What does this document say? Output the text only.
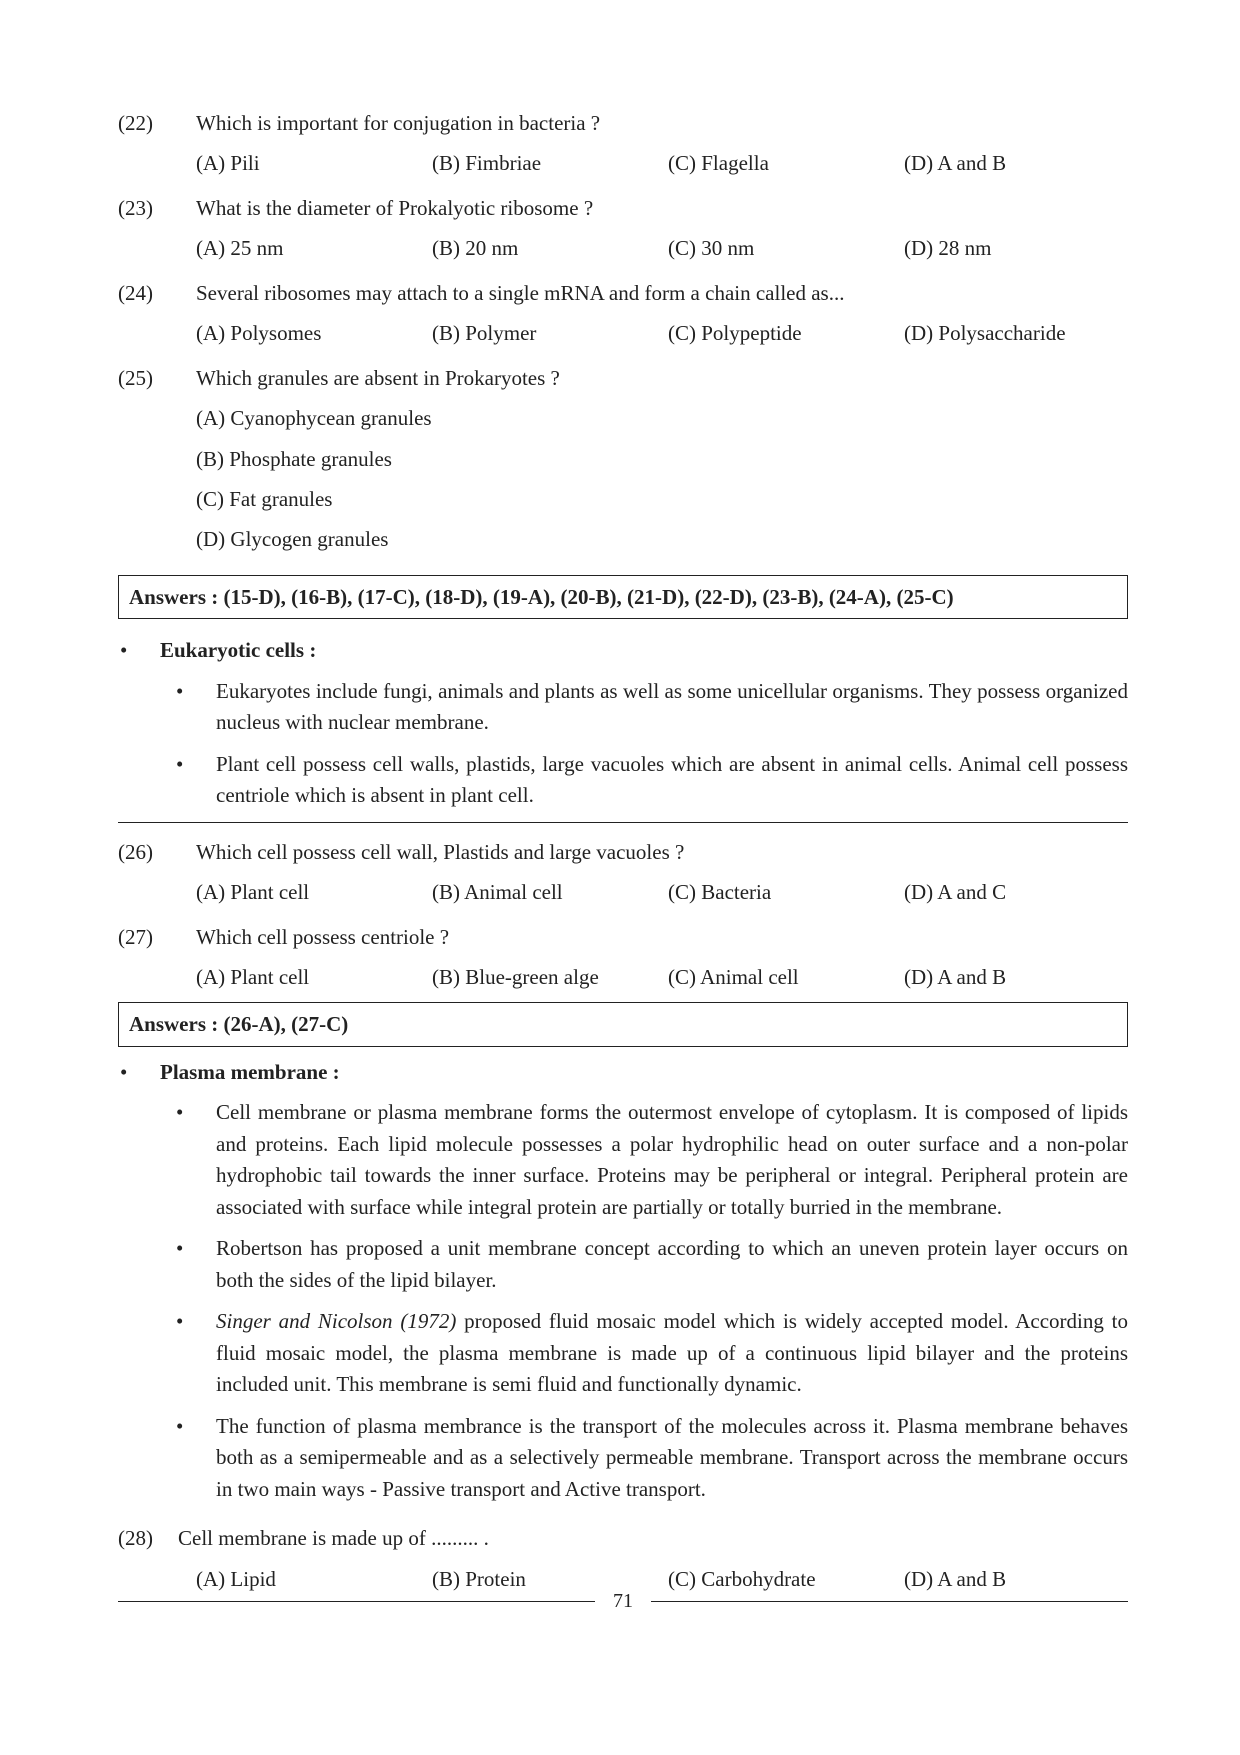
(22)	Which is important for conjugation in bacteria ?
(A) Pili	(B) Fimbriae	(C) Flagella	(D) A and B
(23)	What is the diameter of Prokalyotic ribosome ?
(A) 25 nm	(B) 20 nm	(C) 30 nm	(D) 28 nm
(24)	Several ribosomes may attach to a single mRNA and form a chain called as...
(A) Polysomes	(B) Polymer	(C) Polypeptide	(D) Polysaccharide
(25)	Which granules are absent in Prokaryotes ?
(A) Cyanophycean granules
(B) Phosphate granules
(C) Fat granules
(D) Glycogen granules
Answers : (15-D), (16-B), (17-C), (18-D), (19-A), (20-B), (21-D), (22-D), (23-B), (24-A), (25-C)
•	Eukaryotic cells :
•	Eukaryotes include fungi, animals and plants as well as some unicellular organisms. They possess organized nucleus with nuclear membrane.
•	Plant cell possess cell walls, plastids, large vacuoles which are absent in animal cells. Animal cell possess centriole which is absent in plant cell.
(26)	Which cell possess cell wall, Plastids and large vacuoles ?
(A) Plant cell	(B) Animal cell	(C) Bacteria	(D) A and C
(27)	Which cell possess centriole ?
(A) Plant cell	(B) Blue-green alge	(C) Animal cell	(D) A and B
Answers : (26-A), (27-C)
•	Plasma membrane :
•	Cell membrane or plasma membrane forms the outermost envelope of cytoplasm. It is composed of lipids and proteins. Each lipid molecule possesses a polar hydrophilic head on outer surface and a non-polar hydrophobic tail towards the inner surface. Proteins may be peripheral or integral. Peripheral protein are associated with surface while integral protein are partially or totally burried in the membrane.
•	Robertson has proposed a unit membrane concept according to which an uneven protein layer occurs on both the sides of the lipid bilayer.
•	Singer and Nicolson (1972) proposed fluid mosaic model which is widely accepted model. According to fluid mosaic model, the plasma membrane is made up of a continuous lipid bilayer and the proteins included unit. This membrane is semi fluid and functionally dynamic.
•	The function of plasma membrance is the transport of the molecules across it. Plasma membrane behaves both as a semipermeable and as a selectively permeable membrane. Transport across the membrane occurs in two main ways - Passive transport and Active transport.
(28)	Cell membrane is made up of ......... .
(A) Lipid	(B) Protein	(C) Carbohydrate	(D) A and B
71
